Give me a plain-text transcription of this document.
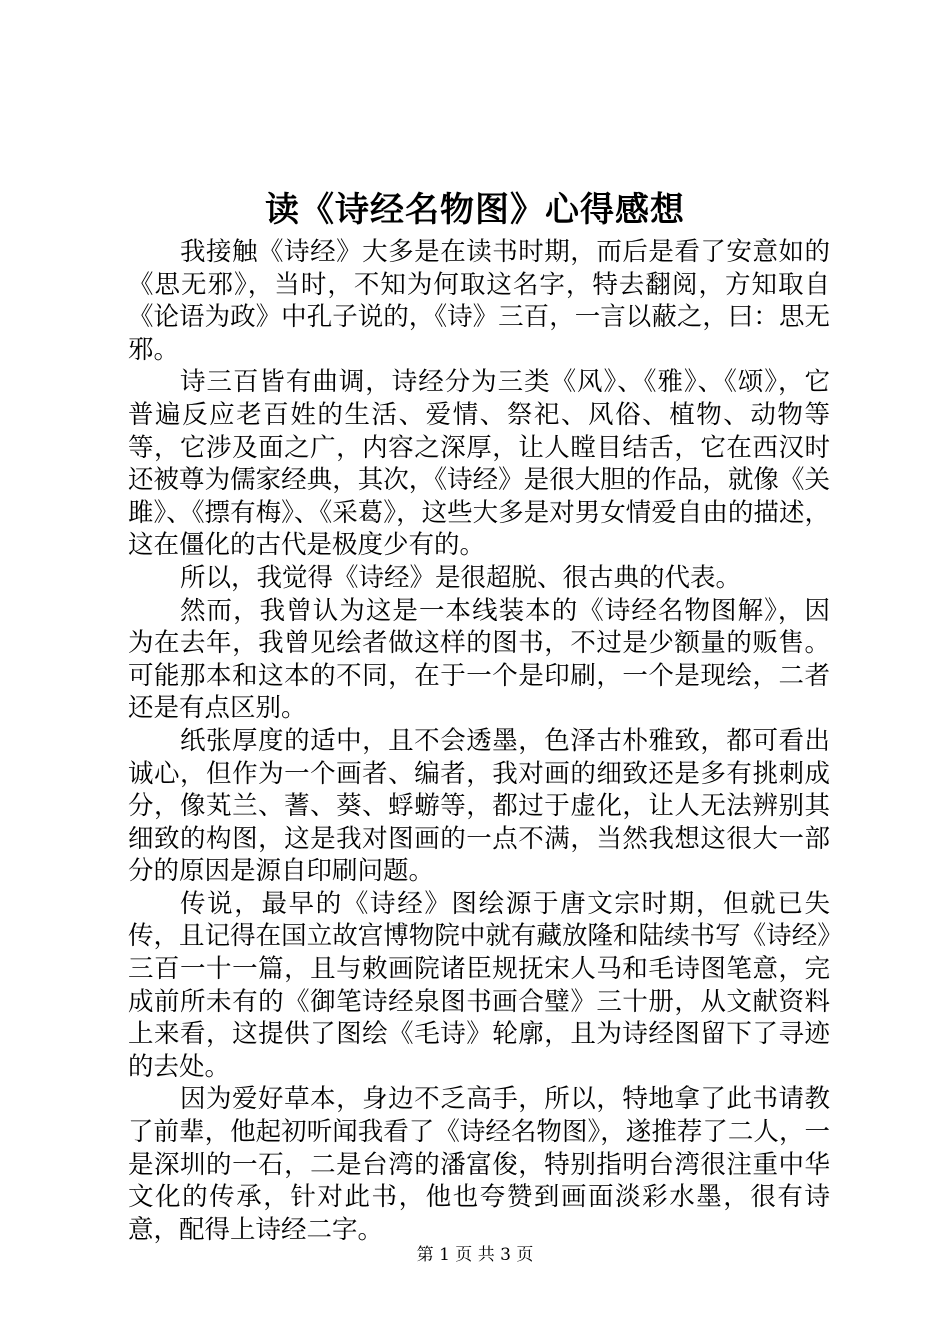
读《诗经名物图》心得感想

我接触《诗经》大多是在读书时期，而后是看了安意如的《思无邪》，当时，不知为何取这名字，特去翻阅，方知取自《论语为政》中孔子说的，《诗》三百，一言以蔽之，曰：思无邪。

诗三百皆有曲调，诗经分为三类《风》、《雅》、《颂》，它普遍反应老百姓的生活、爱情、祭祀、风俗、植物、动物等等，它涉及面之广，内容之深厚，让人瞠目结舌，它在西汉时还被尊为儒家经典，其次，《诗经》是很大胆的作品，就像《关雎》、《摽有梅》、《采葛》，这些大多是对男女情爱自由的描述，这在僵化的古代是极度少有的。

所以，我觉得《诗经》是很超脱、很古典的代表。

然而，我曾认为这是一本线装本的《诗经名物图解》，因为在去年，我曾见绘者做这样的图书，不过是少额量的贩售。可能那本和这本的不同，在于一个是印刷，一个是现绘，二者还是有点区别。

纸张厚度的适中，且不会透墨，色泽古朴雅致，都可看出诚心，但作为一个画者、编者，我对画的细致还是多有挑刺成分，像芄兰、蓍、葵、蜉蝣等，都过于虚化，让人无法辨别其细致的构图，这是我对图画的一点不满，当然我想这很大一部分的原因是源自印刷问题。

传说，最早的《诗经》图绘源于唐文宗时期，但就已失传，且记得在国立故宫博物院中就有藏放隆和陆续书写《诗经》三百一十一篇，且与敕画院诸臣规抚宋人马和毛诗图笔意，完成前所未有的《御笔诗经泉图书画合璧》三十册，从文献资料上来看，这提供了图绘《毛诗》轮廓，且为诗经图留下了寻迹的去处。

因为爱好草本，身边不乏高手，所以，特地拿了此书请教了前辈，他起初听闻我看了《诗经名物图》，遂推荐了二人，一是深圳的一石，二是台湾的潘富俊，特别指明台湾很注重中华文化的传承，针对此书，他也夸赞到画面淡彩水墨，很有诗意，配得上诗经二字。

第 1 页 共 3 页
